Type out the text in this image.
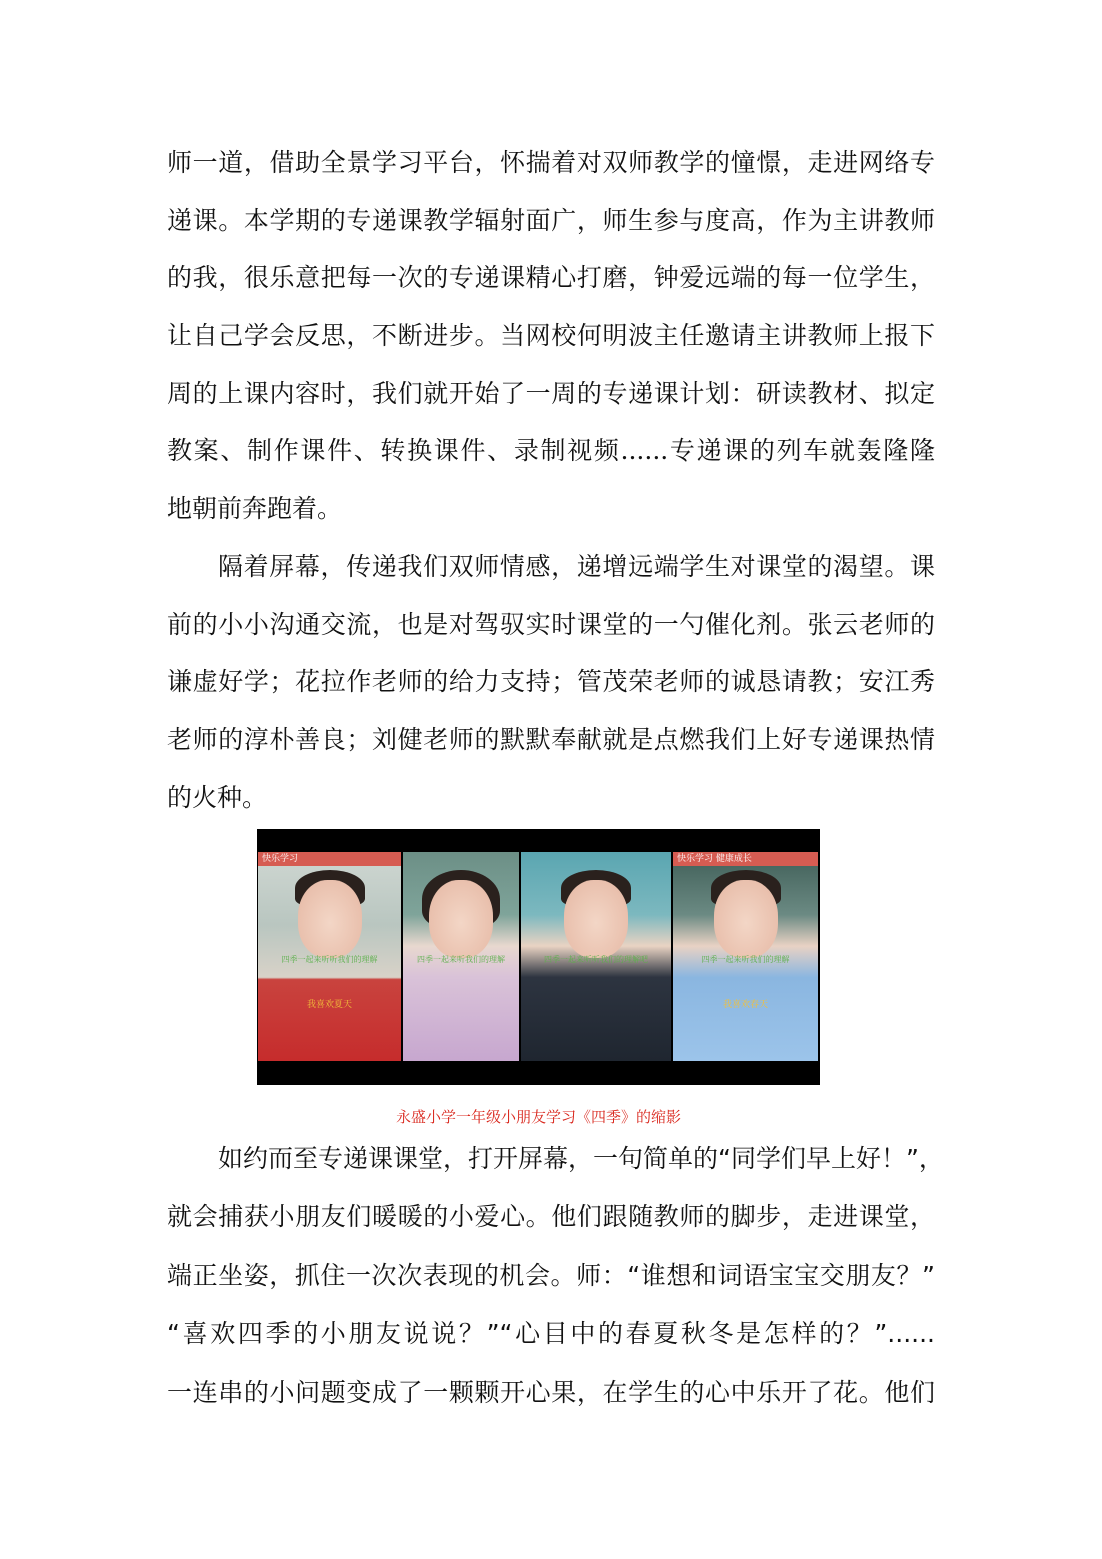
师一道，借助全景学习平台，怀揣着对双师教学的憧憬，走进网络专
递课。本学期的专递课教学辐射面广，师生参与度高，作为主讲教师
的我，很乐意把每一次的专递课精心打磨，钟爱远端的每一位学生，
让自己学会反思，不断进步。当网校何明波主任邀请主讲教师上报下
周的上课内容时，我们就开始了一周的专递课计划：研读教材、拟定
教案、制作课件、转换课件、录制视频......专递课的列车就轰隆隆
地朝前奔跑着。
隔着屏幕，传递我们双师情感，递增远端学生对课堂的渴望。课
前的小小沟通交流，也是对驾驭实时课堂的一勺催化剂。张云老师的
谦虚好学；花拉作老师的给力支持；管茂荣老师的诚恳请教；安江秀
老师的淳朴善良；刘健老师的默默奉献就是点燃我们上好专递课热情
的火种。
快乐学习
四季一起来听听我们的理解
我喜欢夏天
四季一起来听我们的理解	四季一起来听听我们的理解吧
快乐学习 健康成长
四季一起来听我们的理解
我喜欢春天
永盛小学一年级小朋友学习《四季》的缩影
如约而至专递课课堂，打开屏幕，一句简单的“同学们早上好！”，
就会捕获小朋友们暖暖的小爱心。他们跟随教师的脚步，走进课堂，
端正坐姿，抓住一次次表现的机会。师：“谁想和词语宝宝交朋友？”
“喜欢四季的小朋友说说？”“心目中的春夏秋冬是怎样的？”......
一连串的小问题变成了一颗颗开心果，在学生的心中乐开了花。他们
